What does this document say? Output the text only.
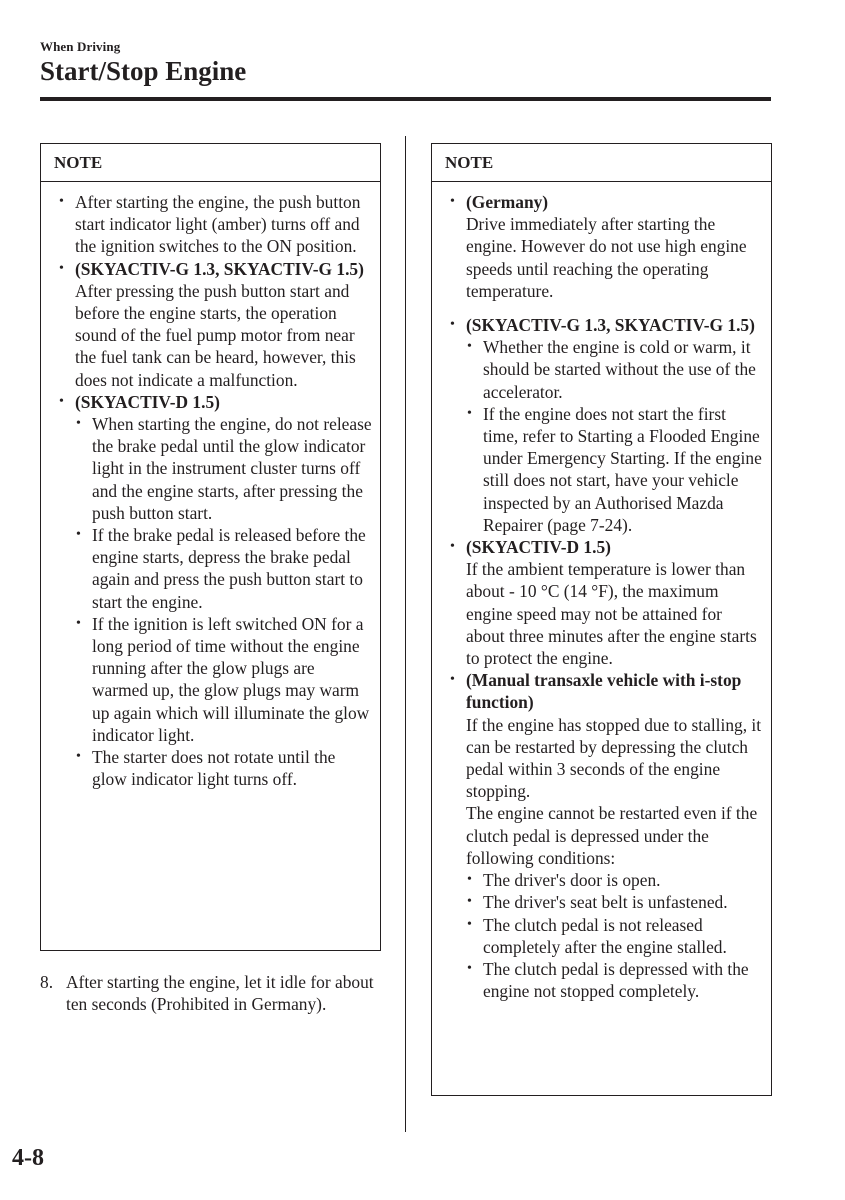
When Driving
Start/Stop Engine
NOTE
• After starting the engine, the push button start indicator light (amber) turns off and the ignition switches to the ON position.
• (SKYACTIV-G 1.3, SKYACTIV-G 1.5)
After pressing the push button start and before the engine starts, the operation sound of the fuel pump motor from near the fuel tank can be heard, however, this does not indicate a malfunction.
• (SKYACTIV-D 1.5)
• When starting the engine, do not release the brake pedal until the glow indicator light in the instrument cluster turns off and the engine starts, after pressing the push button start.
• If the brake pedal is released before the engine starts, depress the brake pedal again and press the push button start to start the engine.
• If the ignition is left switched ON for a long period of time without the engine running after the glow plugs are warmed up, the glow plugs may warm up again which will illuminate the glow indicator light.
• The starter does not rotate until the glow indicator light turns off.
8. After starting the engine, let it idle for about ten seconds (Prohibited in Germany).
NOTE
• (Germany)
Drive immediately after starting the engine. However do not use high engine speeds until reaching the operating temperature.
• (SKYACTIV-G 1.3, SKYACTIV-G 1.5)
• Whether the engine is cold or warm, it should be started without the use of the accelerator.
• If the engine does not start the first time, refer to Starting a Flooded Engine under Emergency Starting. If the engine still does not start, have your vehicle inspected by an Authorised Mazda Repairer (page 7-24).
• (SKYACTIV-D 1.5)
If the ambient temperature is lower than about - 10 °C (14 °F), the maximum engine speed may not be attained for about three minutes after the engine starts to protect the engine.
• (Manual transaxle vehicle with i-stop function)
If the engine has stopped due to stalling, it can be restarted by depressing the clutch pedal within 3 seconds of the engine stopping.
The engine cannot be restarted even if the clutch pedal is depressed under the following conditions:
• The driver's door is open.
• The driver's seat belt is unfastened.
• The clutch pedal is not released completely after the engine stalled.
• The clutch pedal is depressed with the engine not stopped completely.
4-8
